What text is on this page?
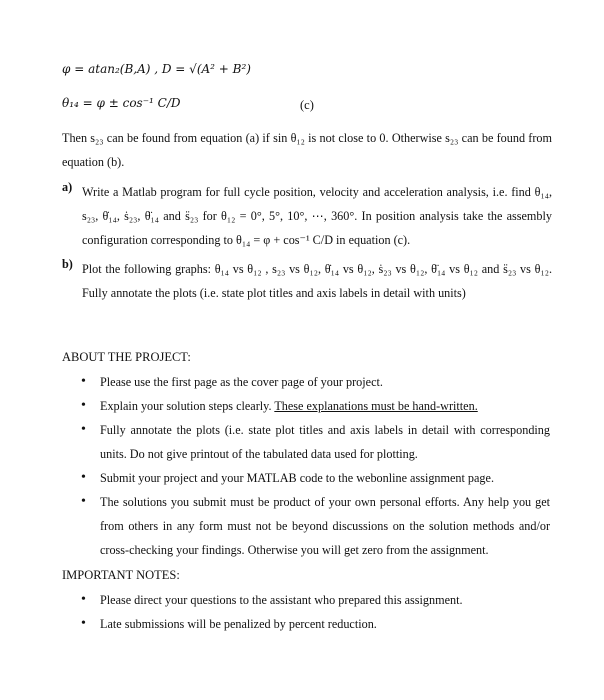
φ = atan₂(B,A) , D = √(A² + B²)
θ₁₄ = φ ± cos⁻¹ C/D	(c)
Then s₂₃ can be found from equation (a) if sin θ₁₂ is not close to 0. Otherwise s₂₃ can be found from equation (b).
a) Write a Matlab program for full cycle position, velocity and acceleration analysis, i.e. find θ₁₄, s₂₃, θ̇₁₄, ṡ₂₃, θ̈₁₄ and s̈₂₃ for θ₁₂ = 0°, 5°, 10°, ⋯, 360°. In position analysis take the assembly configuration corresponding to θ₁₄ = φ + cos⁻¹ C/D in equation (c).
b) Plot the following graphs: θ₁₄ vs θ₁₂ , s₂₃ vs θ₁₂, θ̇₁₄ vs θ₁₂, ṡ₂₃ vs θ₁₂, θ̈₁₄ vs θ₁₂ and s̈₂₃ vs θ₁₂. Fully annotate the plots (i.e. state plot titles and axis labels in detail with units)
ABOUT THE PROJECT:
• Please use the first page as the cover page of your project.
• Explain your solution steps clearly. These explanations must be hand-written.
• Fully annotate the plots (i.e. state plot titles and axis labels in detail with corresponding units. Do not give printout of the tabulated data used for plotting.
• Submit your project and your MATLAB code to the webonline assignment page.
• The solutions you submit must be product of your own personal efforts. Any help you get from others in any form must not be beyond discussions on the solution methods and/or cross-checking your findings. Otherwise you will get zero from the assignment.
IMPORTANT NOTES:
• Please direct your questions to the assistant who prepared this assignment.
• Late submissions will be penalized by percent reduction.
